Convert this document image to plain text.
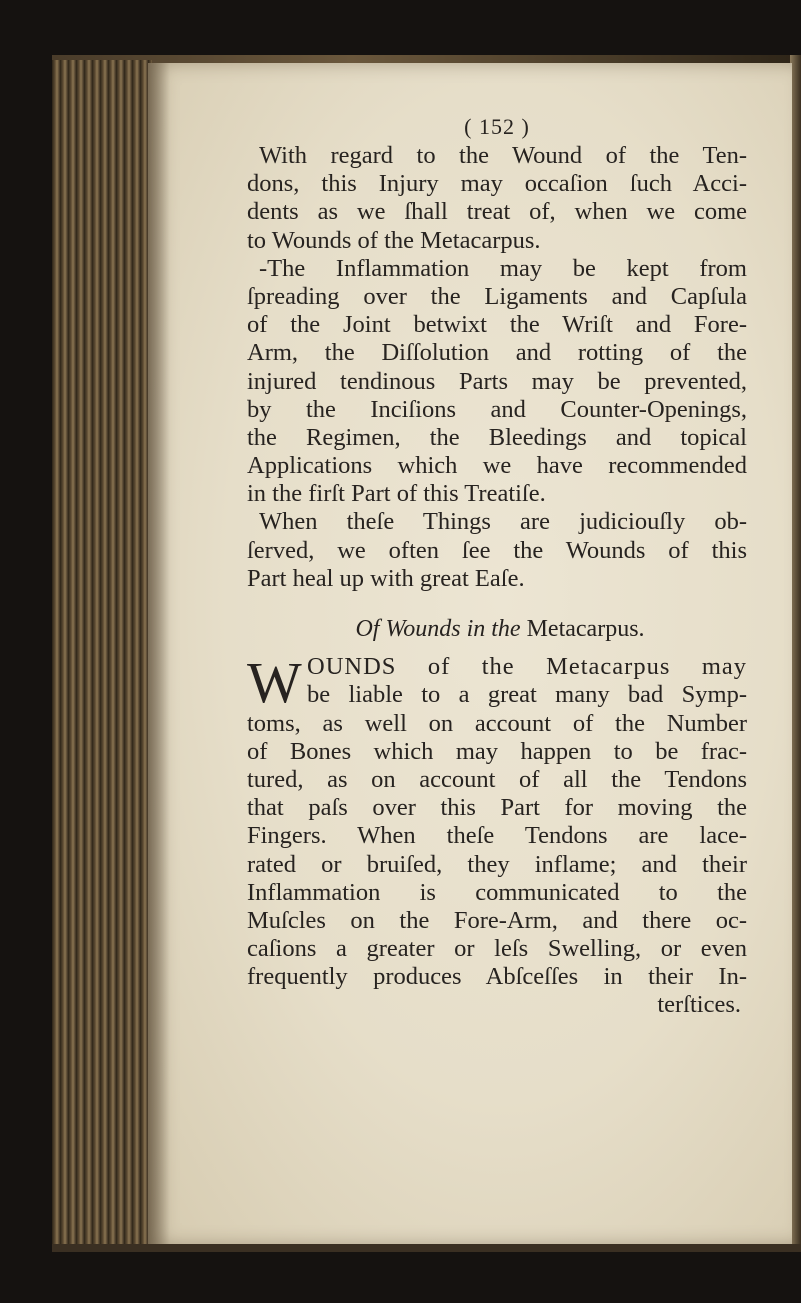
( 152 )
With regard to the Wound of the Ten-
dons, this Injury may occaſion ſuch Acci-
dents as we ſhall treat of, when we come
to Wounds of the Metacarpus.
-The Inflammation may be kept from
ſpreading over the Ligaments and Capſula
of the Joint betwixt the Wriſt and Fore-
Arm, the Diſſolution and rotting of the
injured tendinous Parts may be prevented,
by the Inciſions and Counter-Openings,
the Regimen, the Bleedings and topical
Applications which we have recommended
in the firſt Part of this Treatiſe.
When theſe Things are judiciouſly ob-
ſerved, we often ſee the Wounds of this
Part heal up with great Eaſe.
Of Wounds in the Metacarpus.
W OUNDS of the Metacarpus may
be liable to a great many bad Symp-
toms, as well on account of the Number
of Bones which may happen to be frac-
tured, as on account of all the Tendons
that paſs over this Part for moving the
Fingers. When theſe Tendons are lace-
rated or bruiſed, they inflame; and their
Inflammation is communicated to the
Muſcles on the Fore-Arm, and there oc-
caſions a greater or leſs Swelling, or even
frequently produces Abſceſſes in their In-
terſtices.
